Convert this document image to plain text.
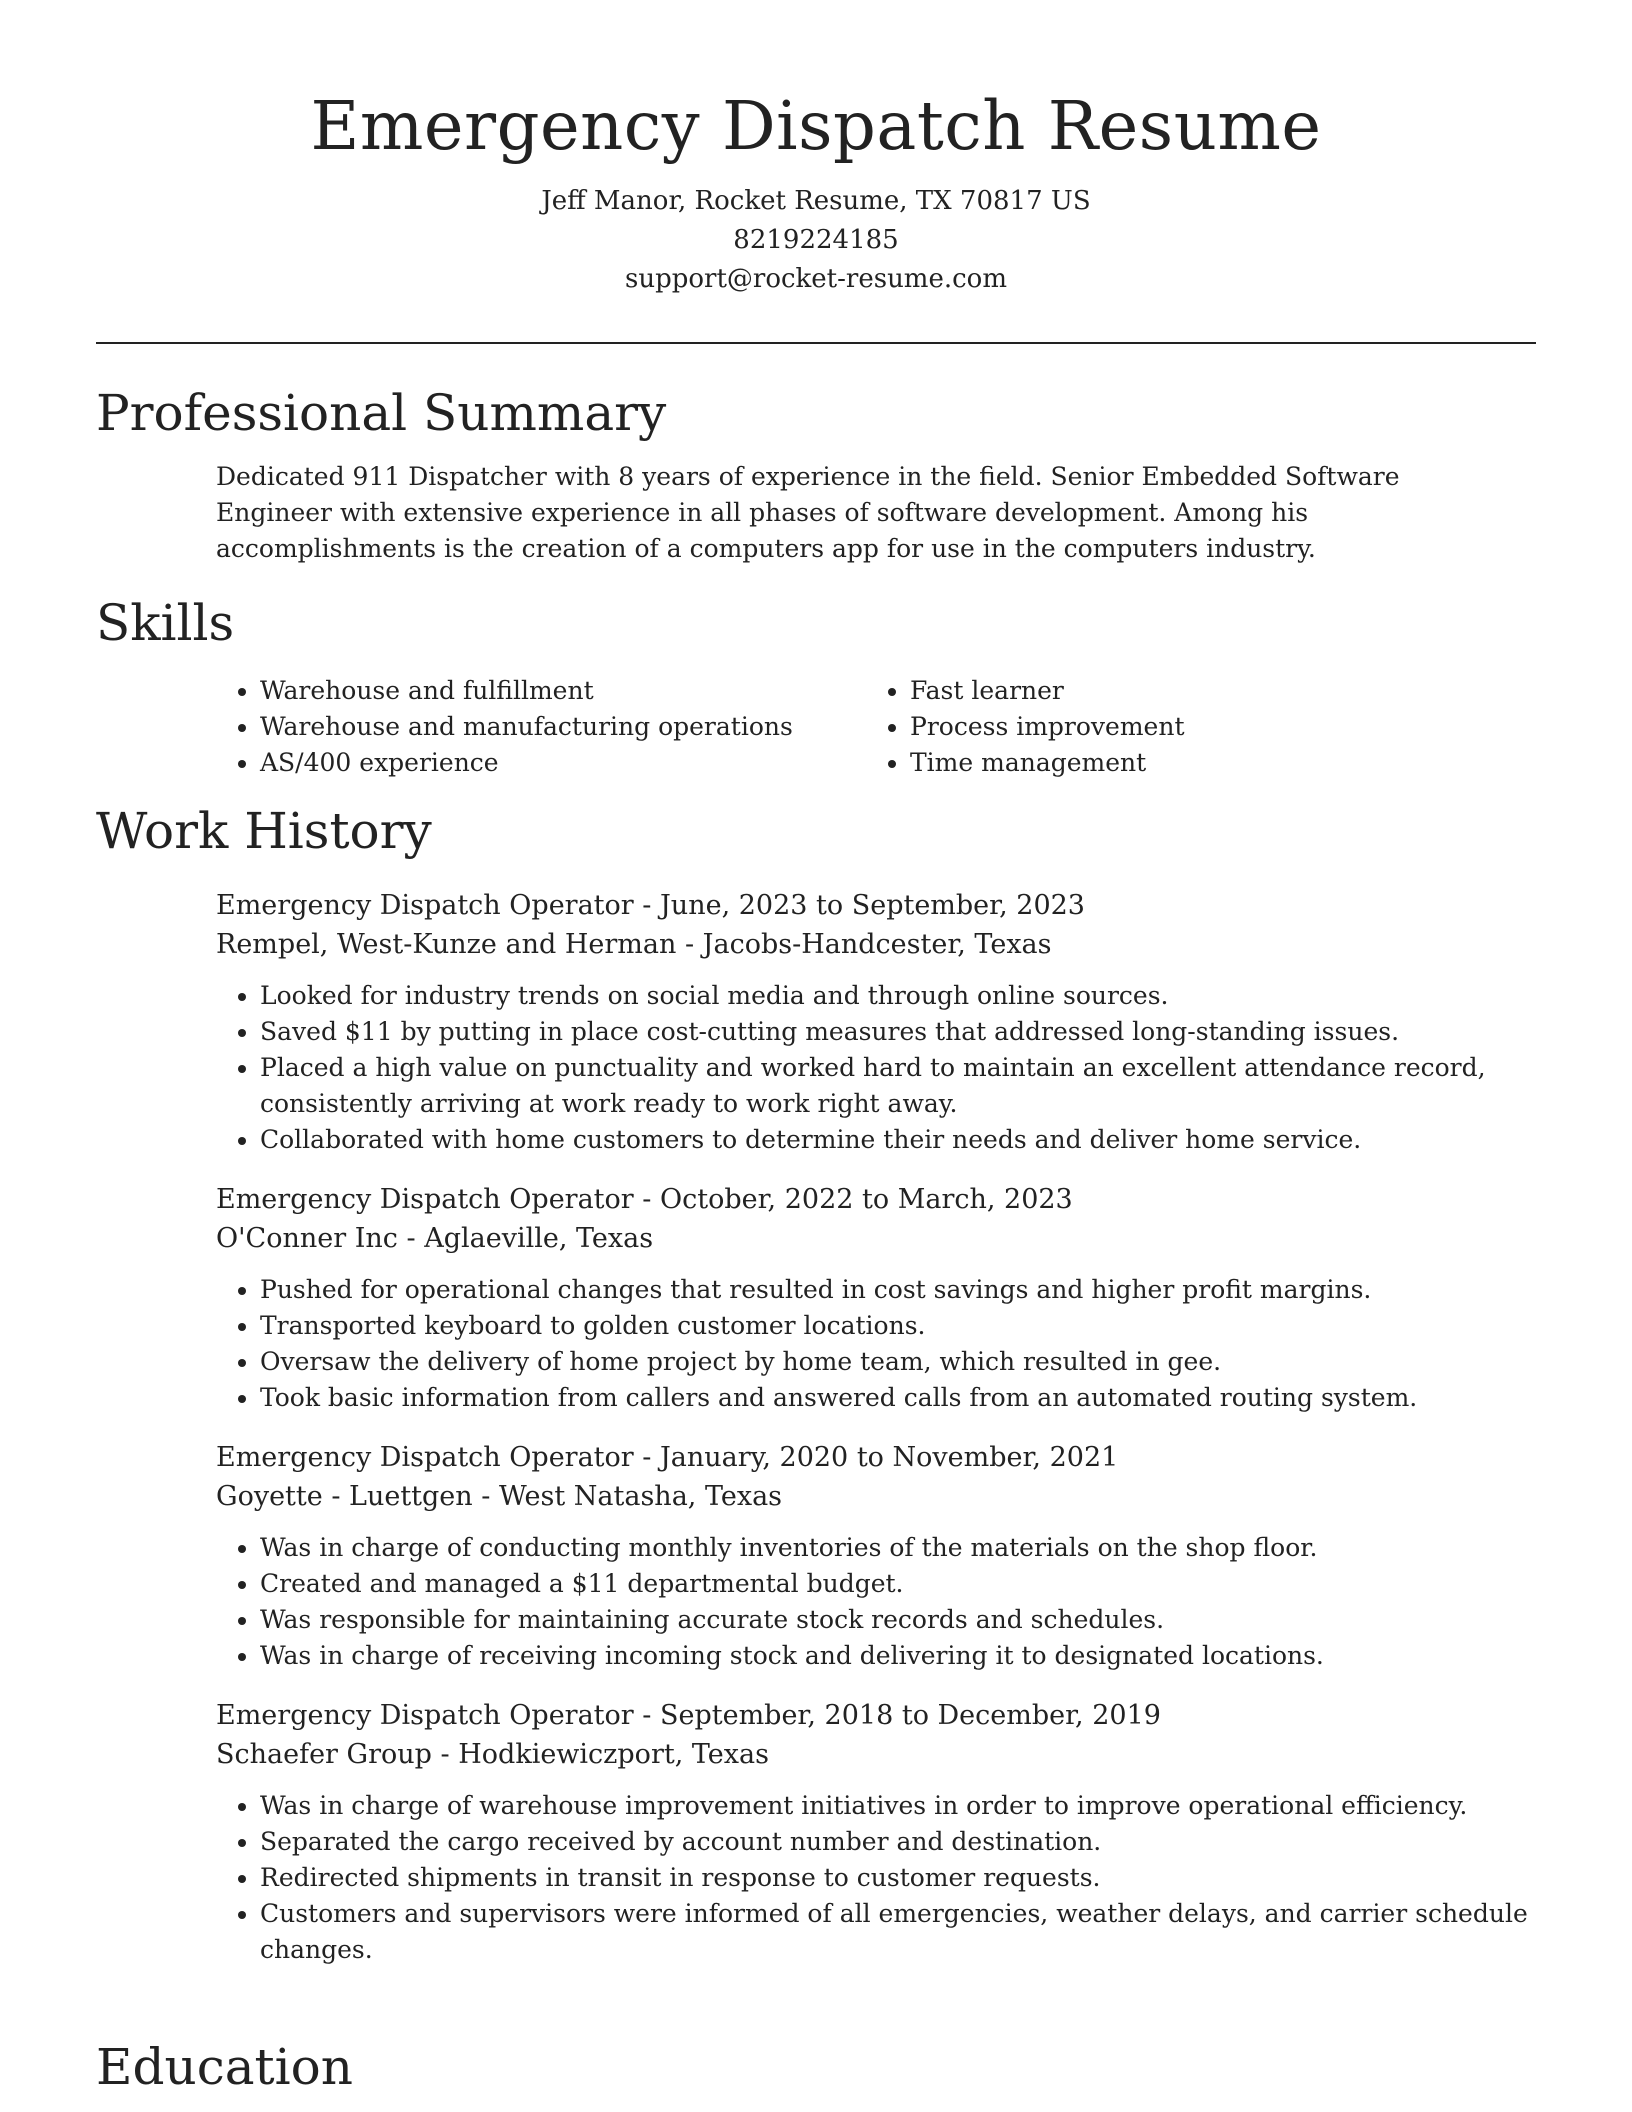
Emergency Dispatch Resume
Jeff Manor, Rocket Resume, TX 70817 US
8219224185
support@rocket-resume.com
Professional Summary
Dedicated 911 Dispatcher with 8 years of experience in the field. Senior Embedded Software Engineer with extensive experience in all phases of software development. Among his accomplishments is the creation of a computers app for use in the computers industry.
Skills
• Warehouse and fulfillment
• Warehouse and manufacturing operations
• AS/400 experience
• Fast learner
• Process improvement
• Time management
Work History
Emergency Dispatch Operator - June, 2023 to September, 2023
Rempel, West-Kunze and Herman - Jacobs-Handcester, Texas
• Looked for industry trends on social media and through online sources.
• Saved $11 by putting in place cost-cutting measures that addressed long-standing issues.
• Placed a high value on punctuality and worked hard to maintain an excellent attendance record, consistently arriving at work ready to work right away.
• Collaborated with home customers to determine their needs and deliver home service.
Emergency Dispatch Operator - October, 2022 to March, 2023
O'Conner Inc - Aglaeville, Texas
• Pushed for operational changes that resulted in cost savings and higher profit margins.
• Transported keyboard to golden customer locations.
• Oversaw the delivery of home project by home team, which resulted in gee.
• Took basic information from callers and answered calls from an automated routing system.
Emergency Dispatch Operator - January, 2020 to November, 2021
Goyette - Luettgen - West Natasha, Texas
• Was in charge of conducting monthly inventories of the materials on the shop floor.
• Created and managed a $11 departmental budget.
• Was responsible for maintaining accurate stock records and schedules.
• Was in charge of receiving incoming stock and delivering it to designated locations.
Emergency Dispatch Operator - September, 2018 to December, 2019
Schaefer Group - Hodkiewiczport, Texas
• Was in charge of warehouse improvement initiatives in order to improve operational efficiency.
• Separated the cargo received by account number and destination.
• Redirected shipments in transit in response to customer requests.
• Customers and supervisors were informed of all emergencies, weather delays, and carrier schedule changes.
Education
